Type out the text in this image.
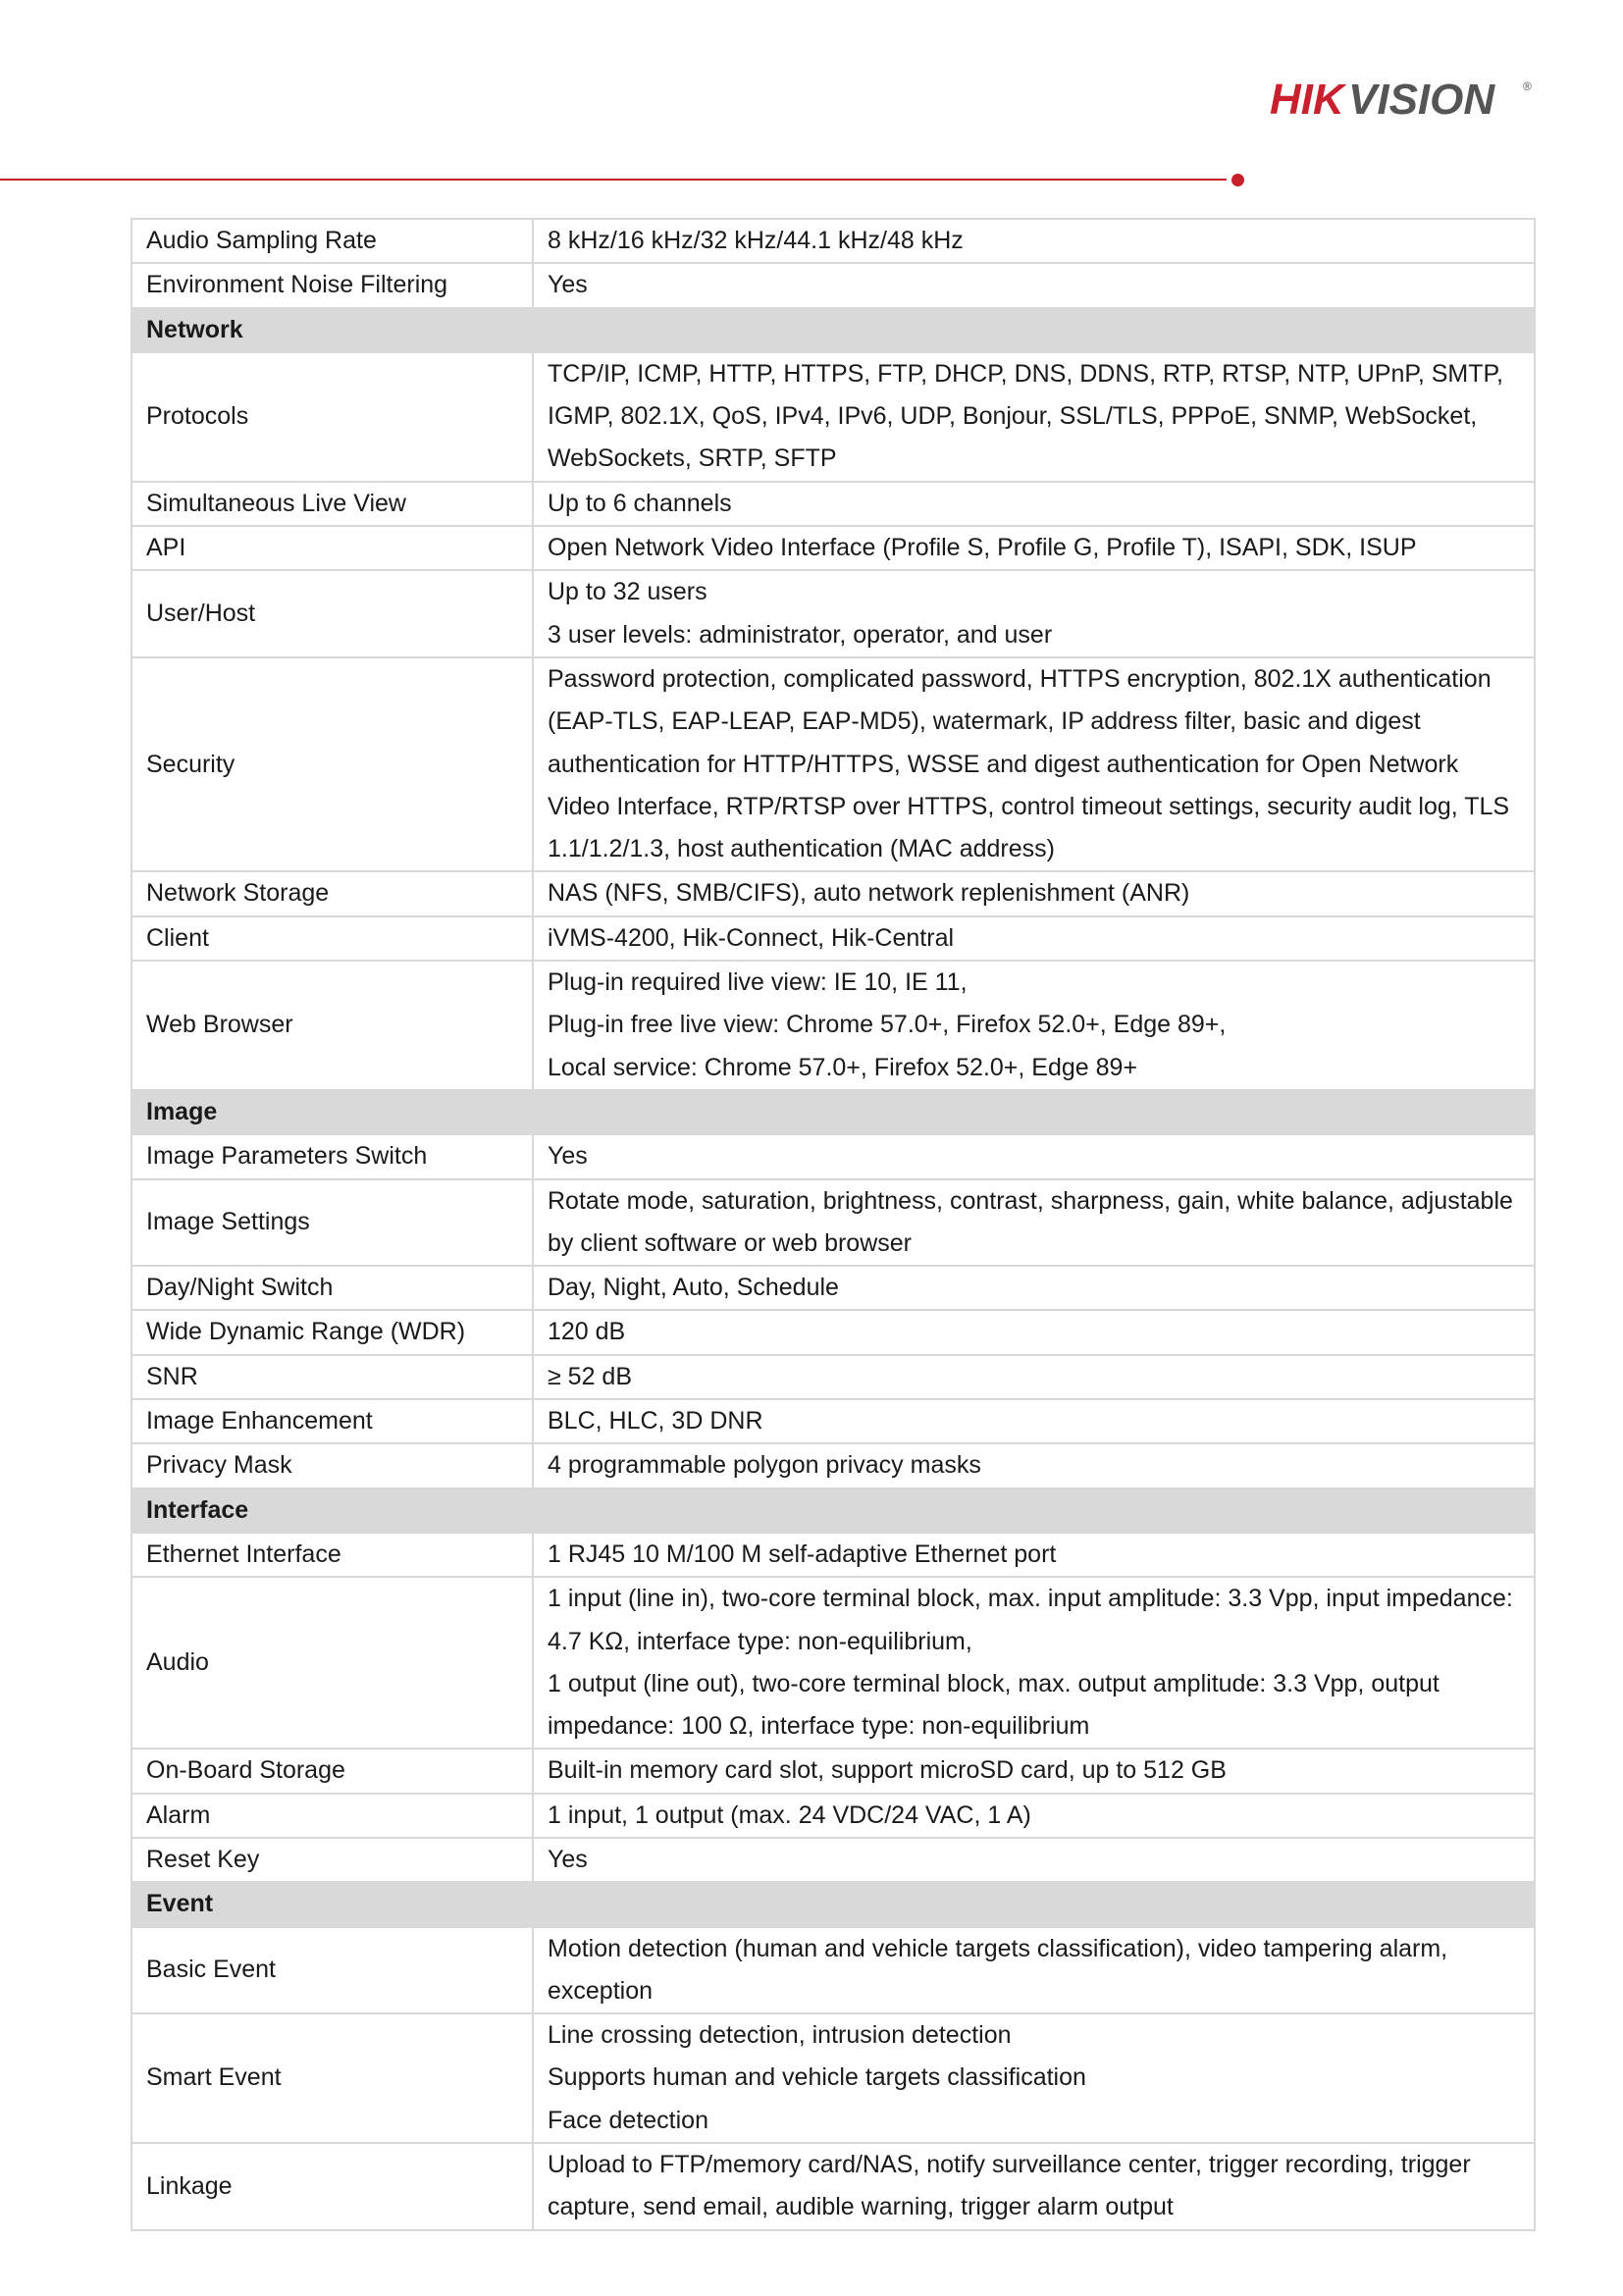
HIK VISION ®
Audio Sampling Rate	8 kHz/16 kHz/32 kHz/44.1 kHz/48 kHz

Environment Noise Filtering	Yes

Network	
Protocols	TCP/IP, ICMP, HTTP, HTTPS, FTP, DHCP, DNS, DDNS, RTP, RTSP, NTP, UPnP, SMTP, IGMP, 802.1X, QoS, IPv4, IPv6, UDP, Bonjour, SSL/TLS, PPPoE, SNMP, WebSocket, WebSockets, SRTP, SFTP

Simultaneous Live View	Up to 6 channels

API	Open Network Video Interface (Profile S, Profile G, Profile T), ISAPI, SDK, ISUP

User/Host	Up to 32 users
3 user levels: administrator, operator, and user

Security	Password protection, complicated password, HTTPS encryption, 802.1X authentication (EAP-TLS, EAP-LEAP, EAP-MD5), watermark, IP address filter, basic and digest authentication for HTTP/HTTPS, WSSE and digest authentication for Open Network Video Interface, RTP/RTSP over HTTPS, control timeout settings, security audit log, TLS 1.1/1.2/1.3, host authentication (MAC address)

Network Storage	NAS (NFS, SMB/CIFS), auto network replenishment (ANR)

Client	iVMS-4200, Hik-Connect, Hik-Central

Web Browser	Plug-in required live view: IE 10, IE 11,
Plug-in free live view: Chrome 57.0+, Firefox 52.0+, Edge 89+,
Local service: Chrome 57.0+, Firefox 52.0+, Edge 89+

Image	
Image Parameters Switch	Yes

Image Settings	Rotate mode, saturation, brightness, contrast, sharpness, gain, white balance, adjustable by client software or web browser

Day/Night Switch	Day, Night, Auto, Schedule

Wide Dynamic Range (WDR)	120 dB

SNR	≥ 52 dB

Image Enhancement	BLC, HLC, 3D DNR

Privacy Mask	4 programmable polygon privacy masks

Interface	
Ethernet Interface	1 RJ45 10 M/100 M self-adaptive Ethernet port

Audio	1 input (line in), two-core terminal block, max. input amplitude: 3.3 Vpp, input impedance: 4.7 KΩ, interface type: non-equilibrium,
1 output (line out), two-core terminal block, max. output amplitude: 3.3 Vpp, output impedance: 100 Ω, interface type: non-equilibrium

On-Board Storage	Built-in memory card slot, support microSD card, up to 512 GB

Alarm	1 input, 1 output (max. 24 VDC/24 VAC, 1 A)

Reset Key	Yes

Event	
Basic Event	Motion detection (human and vehicle targets classification), video tampering alarm, exception

Smart Event	Line crossing detection, intrusion detection
Supports human and vehicle targets classification
Face detection

Linkage	Upload to FTP/memory card/NAS, notify surveillance center, trigger recording, trigger capture, send email, audible warning, trigger alarm output
